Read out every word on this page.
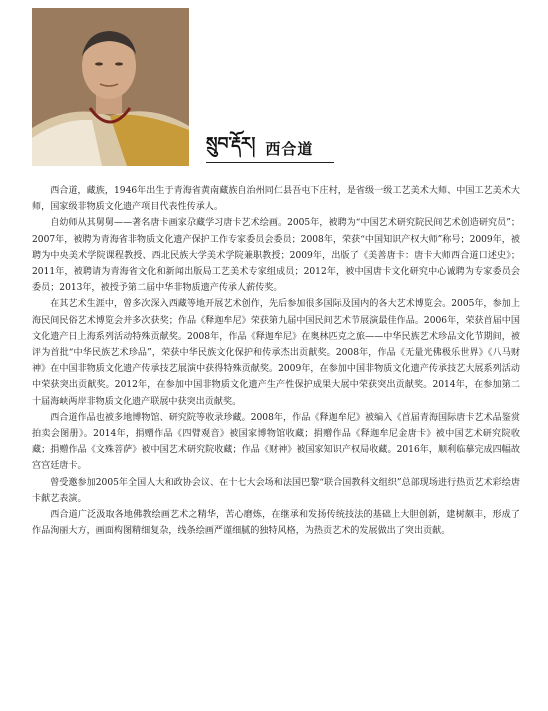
སྲུབ་རྡོར། 西合道

西合道，藏族，1946年出生于青海省黄南藏族自治州同仁县吾屯下庄村，是省级一级工艺美术大师、中国工艺美术大师，国家级非物质文化遗产项目代表性传承人。

自幼师从其舅舅——著名唐卡画家尕藏学习唐卡艺术绘画。2005年，被聘为“中国艺术研究院民间艺术创造研究员”；2007年，被聘为青海省非物质文化遗产保护工作专家委员会委员；2008年，荣获“中国知识产权大师”称号；2009年，被聘为中央美术学院课程教授、西北民族大学美术学院兼职教授；2009年，出版了《美善唐卡：唐卡大师西合道口述史》；2011年，被聘请为青海省文化和新闻出版局工艺美术专家组成员；2012年，被中国唐卡文化研究中心诚聘为专家委员会委员；2013年，被授予第二届中华非物质遗产传承人薪传奖。

在其艺术生涯中，曾多次深入西藏等地开展艺术创作，先后参加很多国际及国内的各大艺术博览会。2005年，参加上海民间民俗艺术博览会并多次获奖；作品《释迦牟尼》荣获第九届中国民间艺术节展演最佳作品。2006年，荣获首届中国文化遗产日上海系列活动特殊贡献奖。2008年，作品《释迦牟尼》在奥林匹克之旅——中华民族艺术珍品文化节期间，被评为首批“中华民族艺术珍品”，荣获中华民族文化保护和传承杰出贡献奖。2008年，作品《无量光佛极乐世界》《八马财神》在中国非物质文化遗产传承技艺展演中获得特殊贡献奖。2009年，在参加中国非物质文化遗产传承技艺大展系列活动中荣获突出贡献奖。2012年，在参加中国非物质文化遗产生产性保护成果大展中荣获突出贡献奖。2014年，在参加第二十届海峡两岸非物质文化遗产联展中获突出贡献奖。

西合道作品也被多地博物馆、研究院等收录珍藏。2008年，作品《释迦牟尼》被编入《首届青海国际唐卡艺术品鉴赏拍卖会图册》。2014年，捐赠作品《四臂观音》被国家博物馆收藏；捐赠作品《释迦牟尼金唐卡》被中国艺术研究院收藏；捐赠作品《文殊菩萨》被中国艺术研究院收藏；作品《财神》被国家知识产权局收藏。2016年，顺利临摹完成四幅故宫宫廷唐卡。

曾受邀参加2005年全国人大和政协会议、在十七大会场和法国巴黎“联合国教科文组织”总部现场进行热贡艺术彩绘唐卡献艺表演。

西合道广泛汲取各地佛教绘画艺术之精华，苦心磨炼，在继承和发扬传统技法的基础上大胆创新，建树颇丰，形成了作品洵丽大方，画面构图精细复杂，线条绘画严谨细腻的独特风格，为热贡艺术的发展做出了突出贡献。
